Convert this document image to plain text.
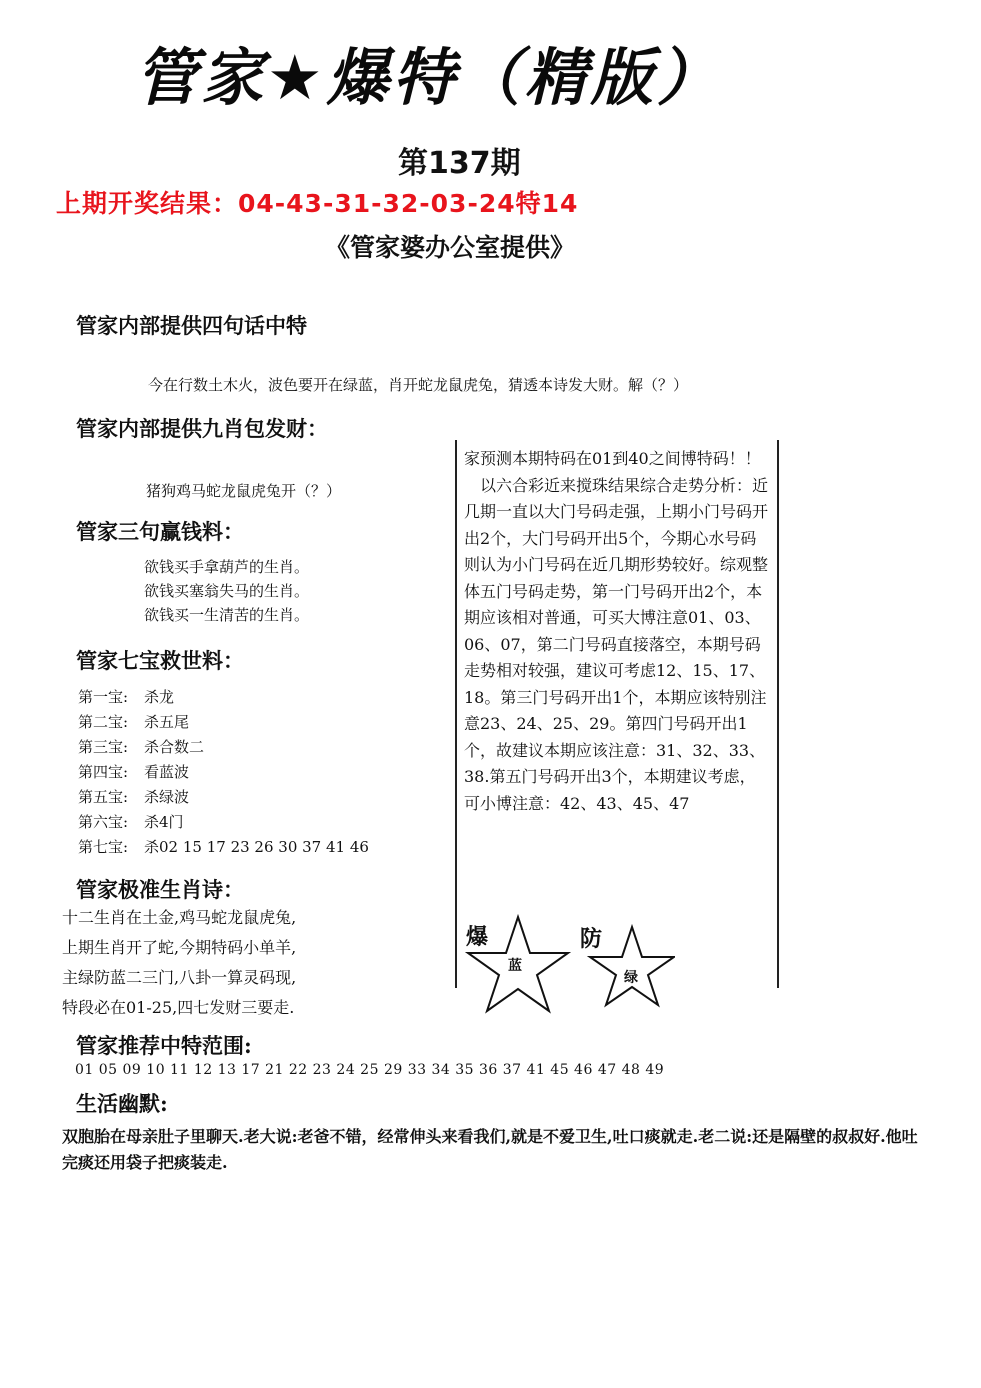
管家★爆特（精版）
第137期
上期开奖结果：04-43-31-32-03-24特14
《管家婆办公室提供》
管家内部提供四句话中特
今在行数土木火，波色要开在绿蓝，肖开蛇龙鼠虎兔，猜透本诗发大财。解（？）
管家内部提供九肖包发财：
猪狗鸡马蛇龙鼠虎兔开（？）
管家三句赢钱料：
欲钱买手拿葫芦的生肖。
欲钱买塞翁失马的生肖。
欲钱买一生清苦的生肖。
管家七宝救世料：
第一宝: 杀龙
第二宝: 杀五尾
第三宝: 杀合数二
第四宝: 看蓝波
第五宝: 杀绿波
第六宝: 杀4门
第七宝: 杀02 15 17 23 26 30 37 41 46
管家极准生肖诗：
十二生肖在土金,鸡马蛇龙鼠虎兔,
上期生肖开了蛇,今期特码小单羊,
主绿防蓝二三门,八卦一算灵码现,
特段必在01-25,四七发财三要走.
家预测本期特码在01到40之间博特码！！
　以六合彩近来搅珠结果综合走势分析：近几期一直以大门号码走强，上期小门号码开出2个，大门号码开出5个，今期心水号码则认为小门号码在近几期形势较好。综观整体五门号码走势，第一门号码开出2个，本期应该相对普通，可买大博注意01、03、06、07，第二门号码直接落空，本期号码走势相对较强，建议可考虑12、15、17、18。第三门号码开出1个，本期应该特别注意23、24、25、29。第四门号码开出1个，故建议本期应该注意：31、32、33、38.第五门号码开出3个，本期建议考虑，可小博注意：42、43、45、47
爆
蓝
防
绿
管家推荐中特范围:
01 05 09 10 11 12 13 17 21 22 23 24 25 29 33 34 35 36 37 41 45 46 47 48 49
生活幽默:
双胞胎在母亲肚子里聊天.老大说:老爸不错，经常伸头来看我们,就是不爱卫生,吐口痰就走.老二说:还是隔壁的叔叔好.他吐完痰还用袋子把痰装走.
